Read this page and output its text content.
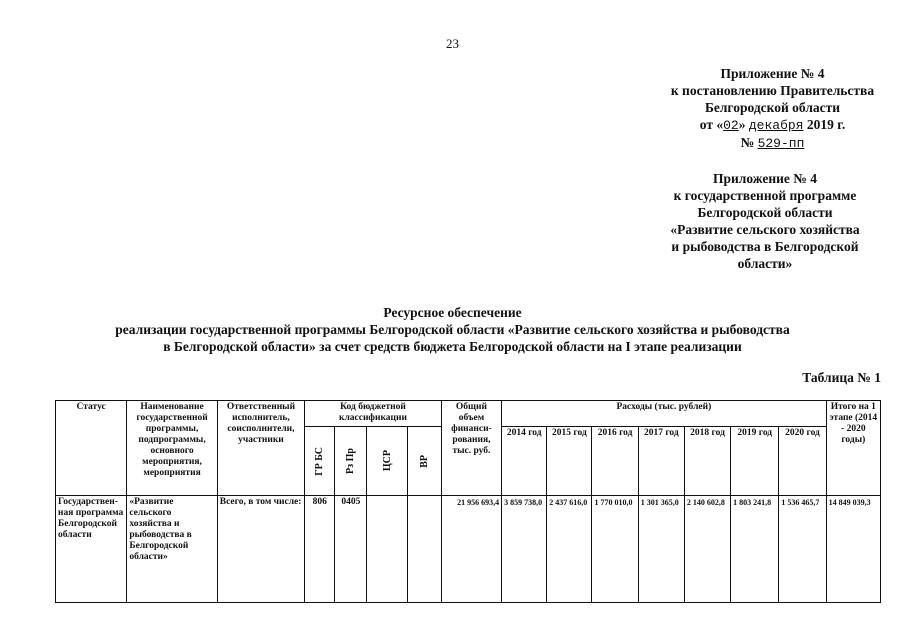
23
Приложение № 4
к постановлению Правительства
Белгородской области
от «02» декабря 2019 г.
№ 529-пп
Приложение № 4
к государственной программе
Белгородской области
«Развитие сельского хозяйства
и рыбоводства в Белгородской
области»
Ресурсное обеспечение
реализации государственной программы Белгородской области «Развитие сельского хозяйства и рыбоводства
в Белгородской области» за счет средств бюджета Белгородской области на I этапе реализации
Таблица № 1
Статус	Наименование государственной программы, подпрограммы, основного мероприятия, мероприятия	Ответственный исполнитель, соисполнители, участники	Код бюджетной классификации				Общий объем финанси-рования, тыс. руб.	Расходы (тыс. рублей)							Итого на 1 этапе (2014 - 2020 годы)

			ГР БС	Рз Пр	ЦСР	ВР		2014 год	2015 год	2016 год	2017 год	2018 год	2019 год	2020 год	
Государствен-ная программа Белгородской области	«Развитие сельского хозяйства и рыбоводства в Белгородской области»	Всего, в том числе:	806	0405			21 956 693,4	3 859 738,0	2 437 616,0	1 770 010,0	1 301 365,0	2 140 602,8	1 803 241,8	1 536 465,7	14 849 039,3
